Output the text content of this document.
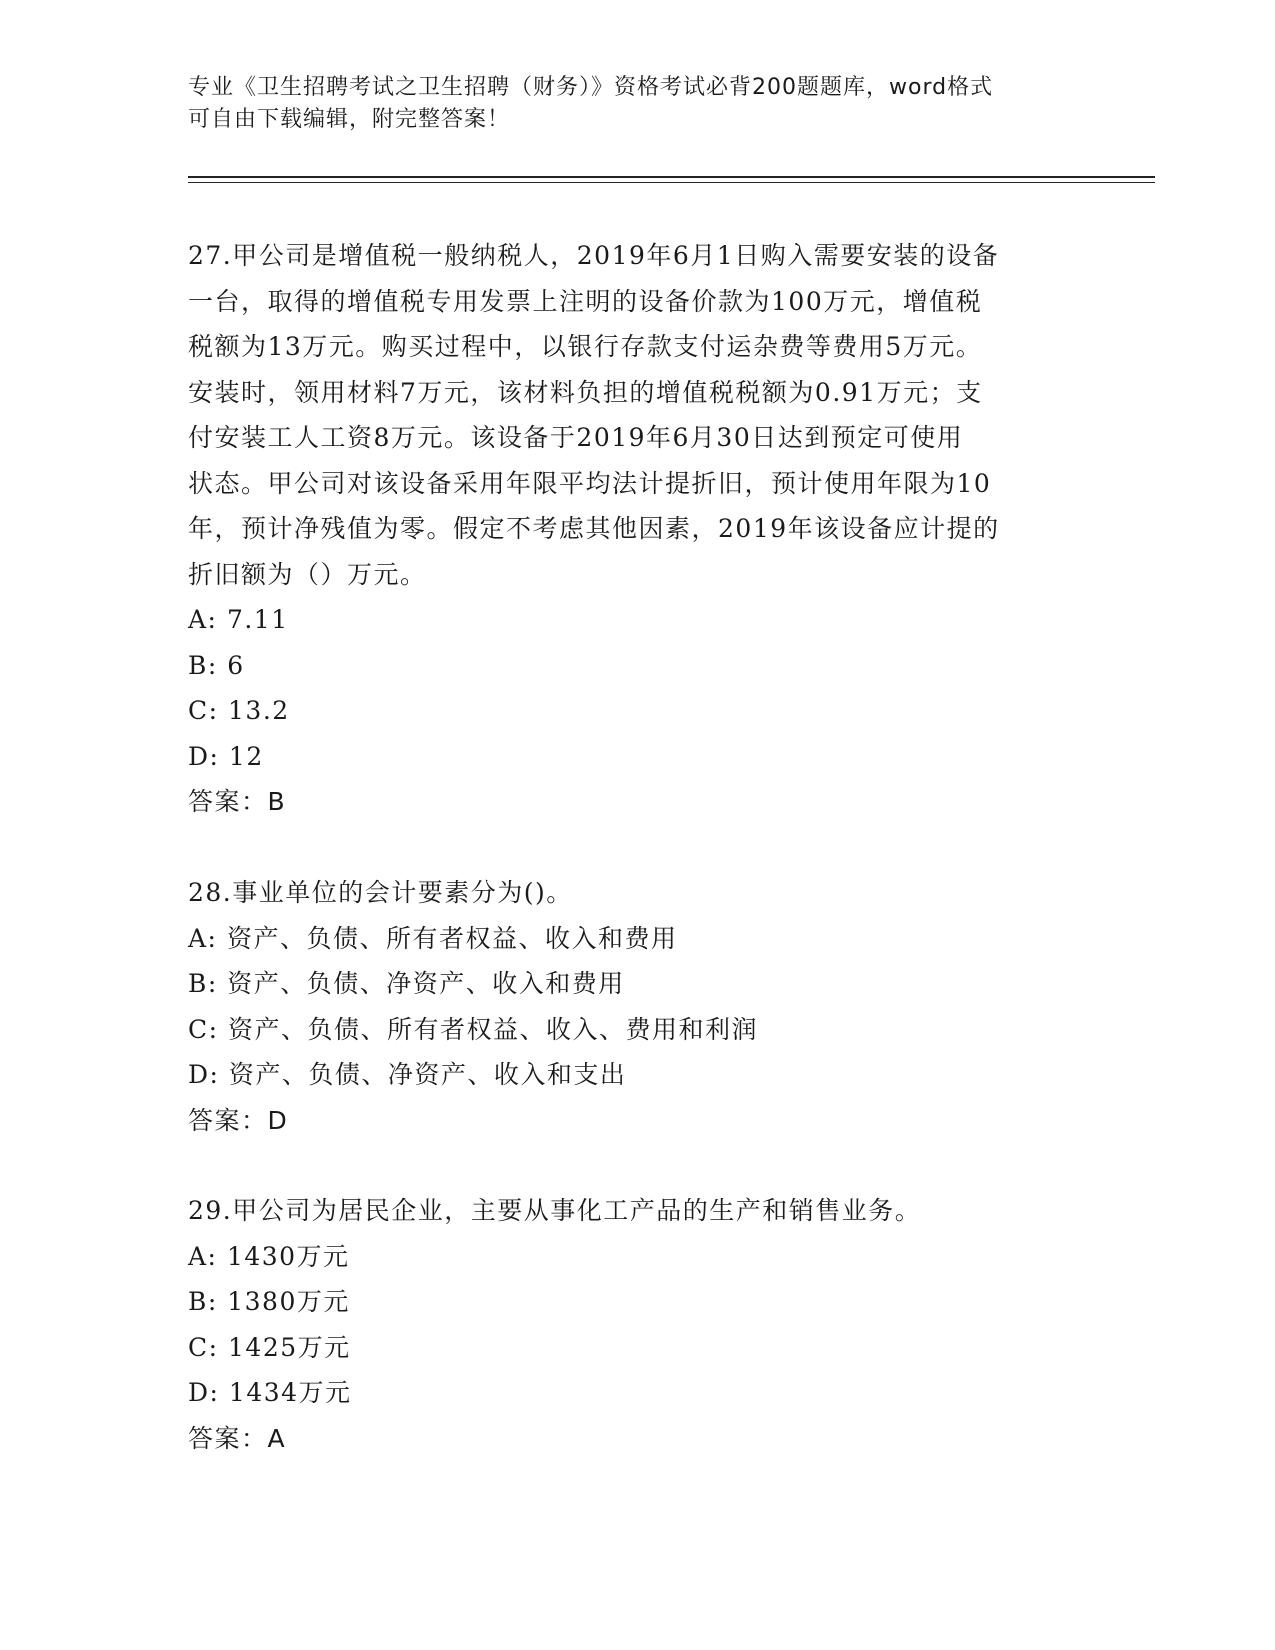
专业《卫生招聘考试之卫生招聘（财务）》资格考试必背200题题库，word格式
可自由下载编辑，附完整答案！
27.甲公司是增值税一般纳税人，2019年6月1日购入需要安装的设备
一台，取得的增值税专用发票上注明的设备价款为100万元，增值税
税额为13万元。购买过程中，以银行存款支付运杂费等费用5万元。
安装时，领用材料7万元，该材料负担的增值税税额为0.91万元；支
付安装工人工资8万元。该设备于2019年6月30日达到预定可使用
状态。甲公司对该设备采用年限平均法计提折旧，预计使用年限为10
年，预计净残值为零。假定不考虑其他因素，2019年该设备应计提的
折旧额为（）万元。
A: 7.11
B: 6
C: 13.2
D: 12
答案：B
28.事业单位的会计要素分为()。
A: 资产、负债、所有者权益、收入和费用
B: 资产、负债、净资产、收入和费用
C: 资产、负债、所有者权益、收入、费用和利润
D: 资产、负债、净资产、收入和支出
答案：D
29.甲公司为居民企业，主要从事化工产品的生产和销售业务。
A: 1430万元
B: 1380万元
C: 1425万元
D: 1434万元
答案：A
